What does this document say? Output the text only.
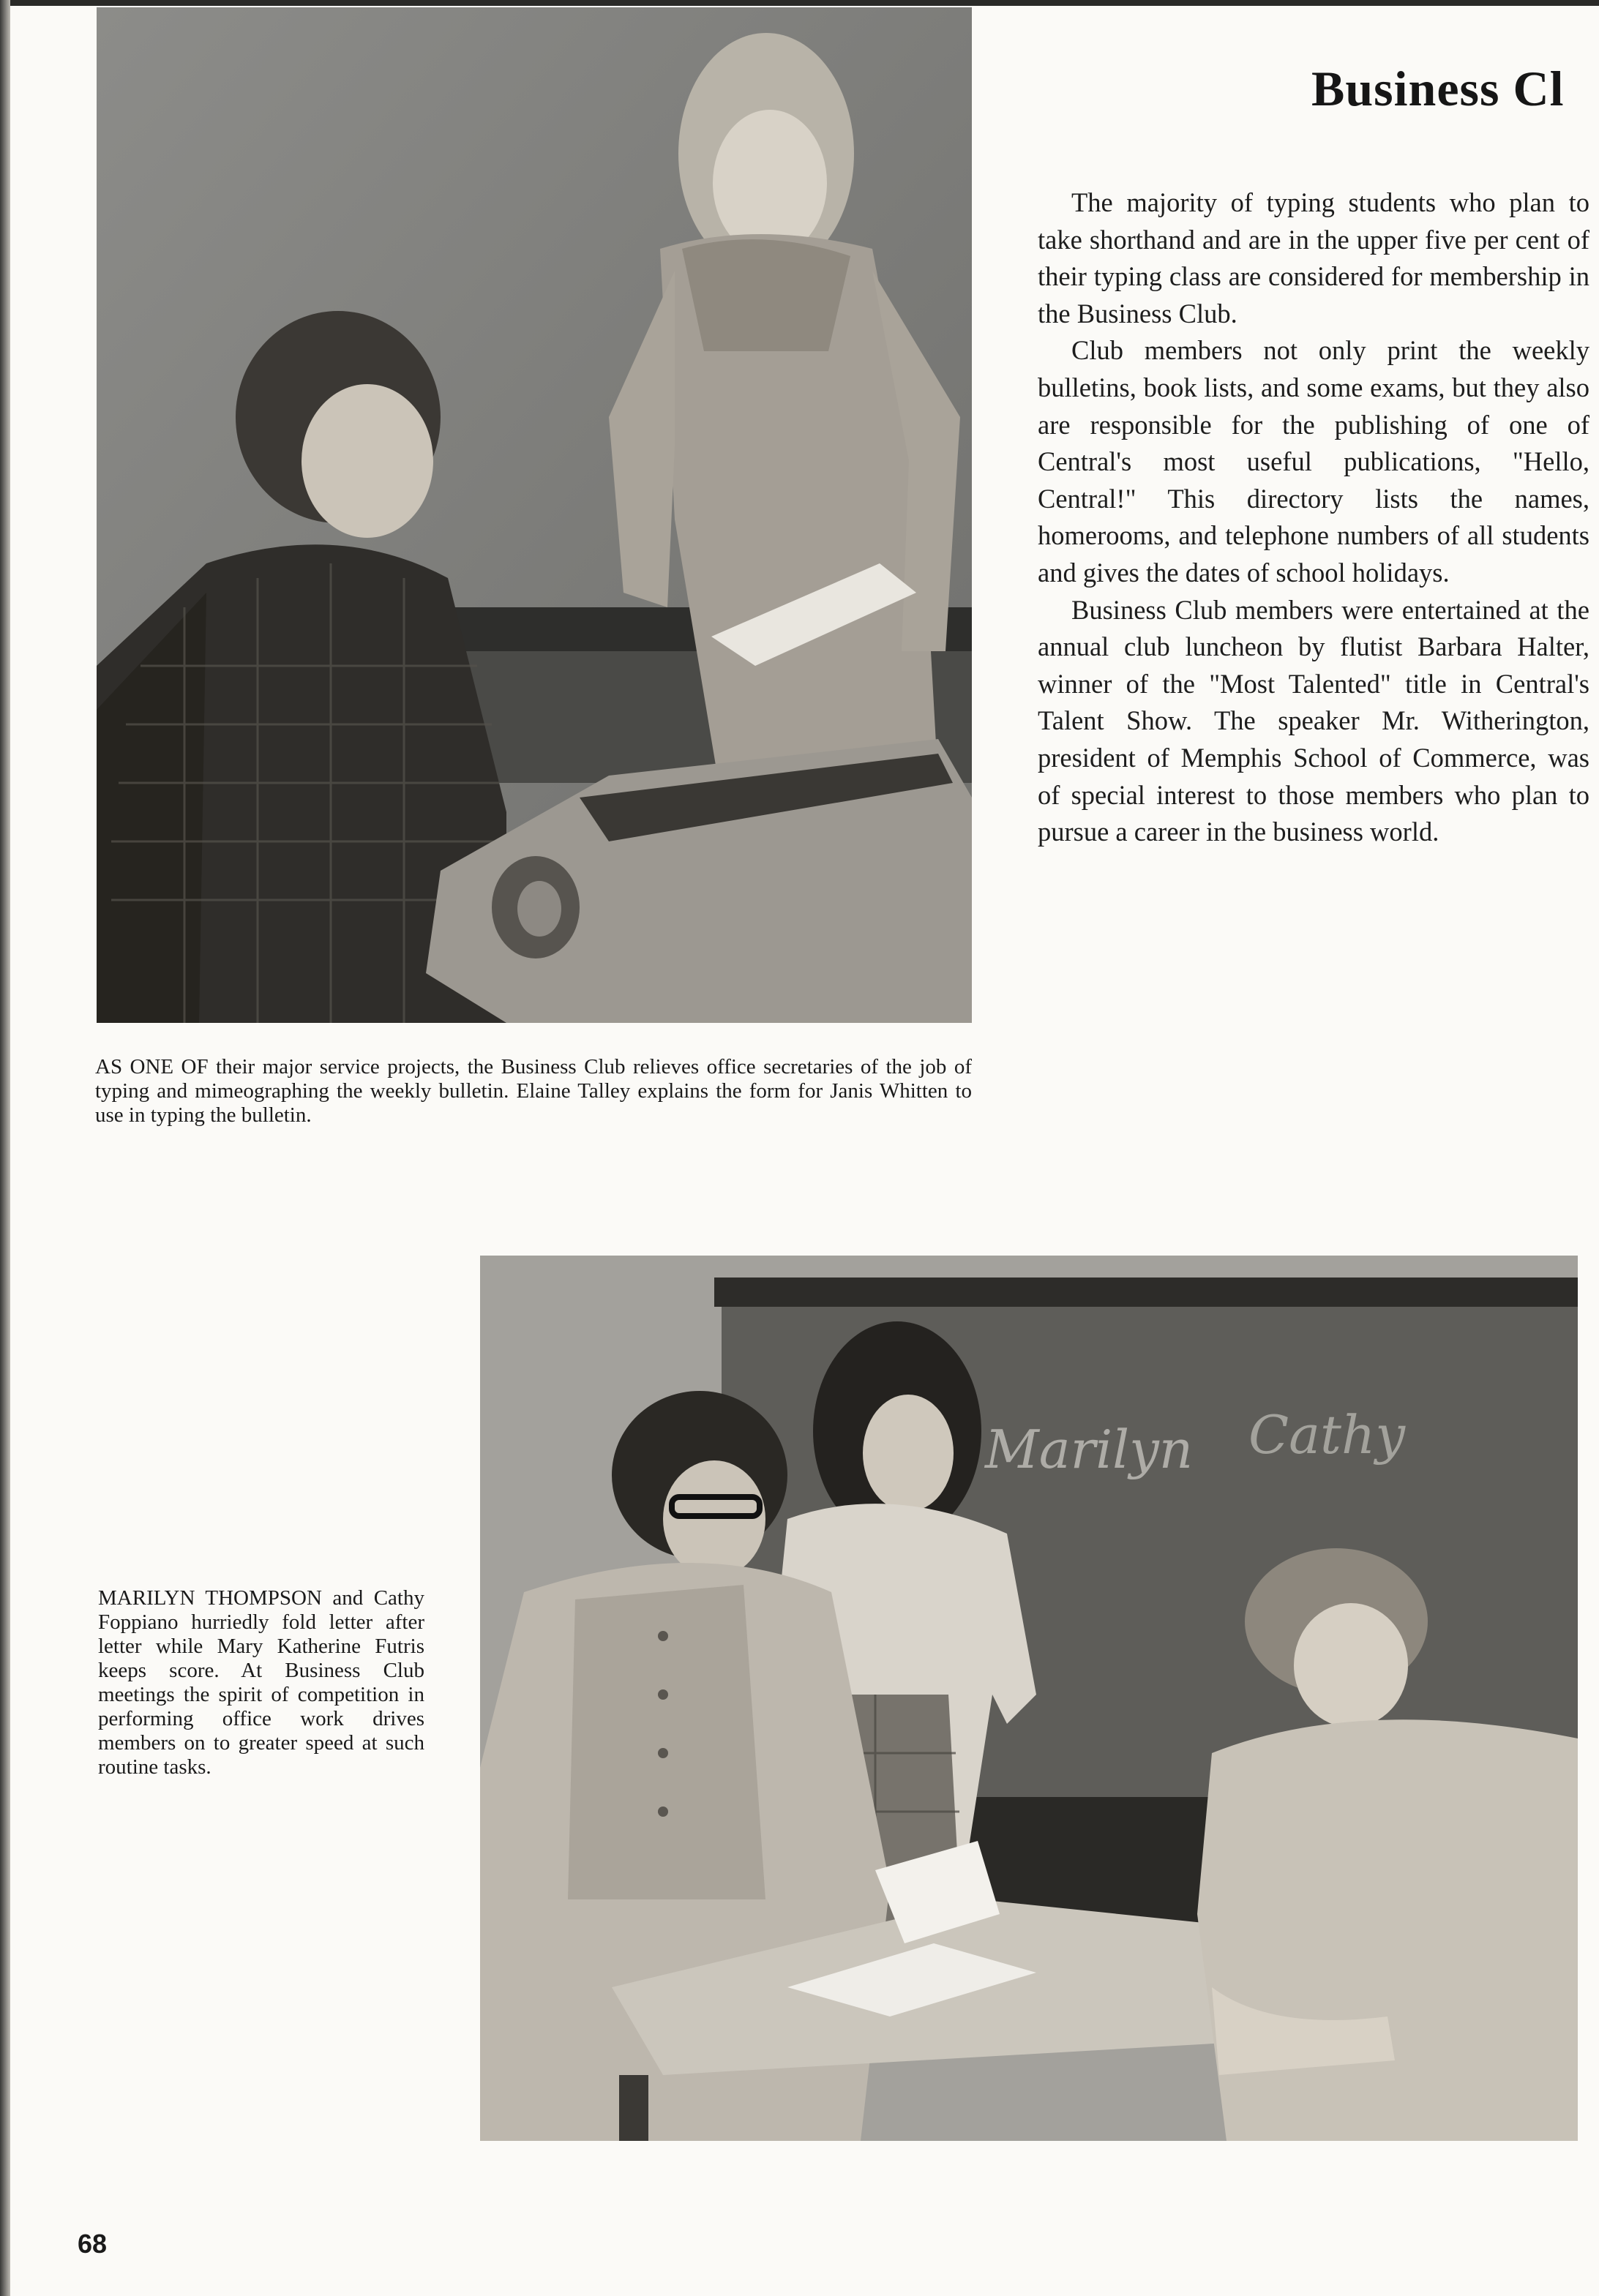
Business Cl

The majority of typing students who plan to take shorthand and are in the upper five per cent of their typing class are considered for membership in the Business Club.

Club members not only print the weekly bulletins, book lists, and some exams, but they also are responsible for the publishing of one of Central's most useful publications, "Hello, Central!" This directory lists the names, homerooms, and telephone numbers of all students and gives the dates of school holidays.

Business Club members were entertained at the annual club luncheon by flutist Barbara Halter, winner of the "Most Talented" title in Central's Talent Show. The speaker Mr. Witherington, president of Memphis School of Commerce, was of special interest to those members who plan to pursue a career in the business world.

AS ONE OF their major service projects, the Business Club relieves office secretaries of the job of typing and mimeographing the weekly bulletin. Elaine Talley explains the form for Janis Whitten to use in typing the bulletin.
Marilyn Cathy
MARILYN THOMPSON and Cathy Foppiano hurriedly fold letter after letter while Mary Katherine Futris keeps score. At Business Club meetings the spirit of competition in performing office work drives members on to greater speed at such routine tasks.
68
